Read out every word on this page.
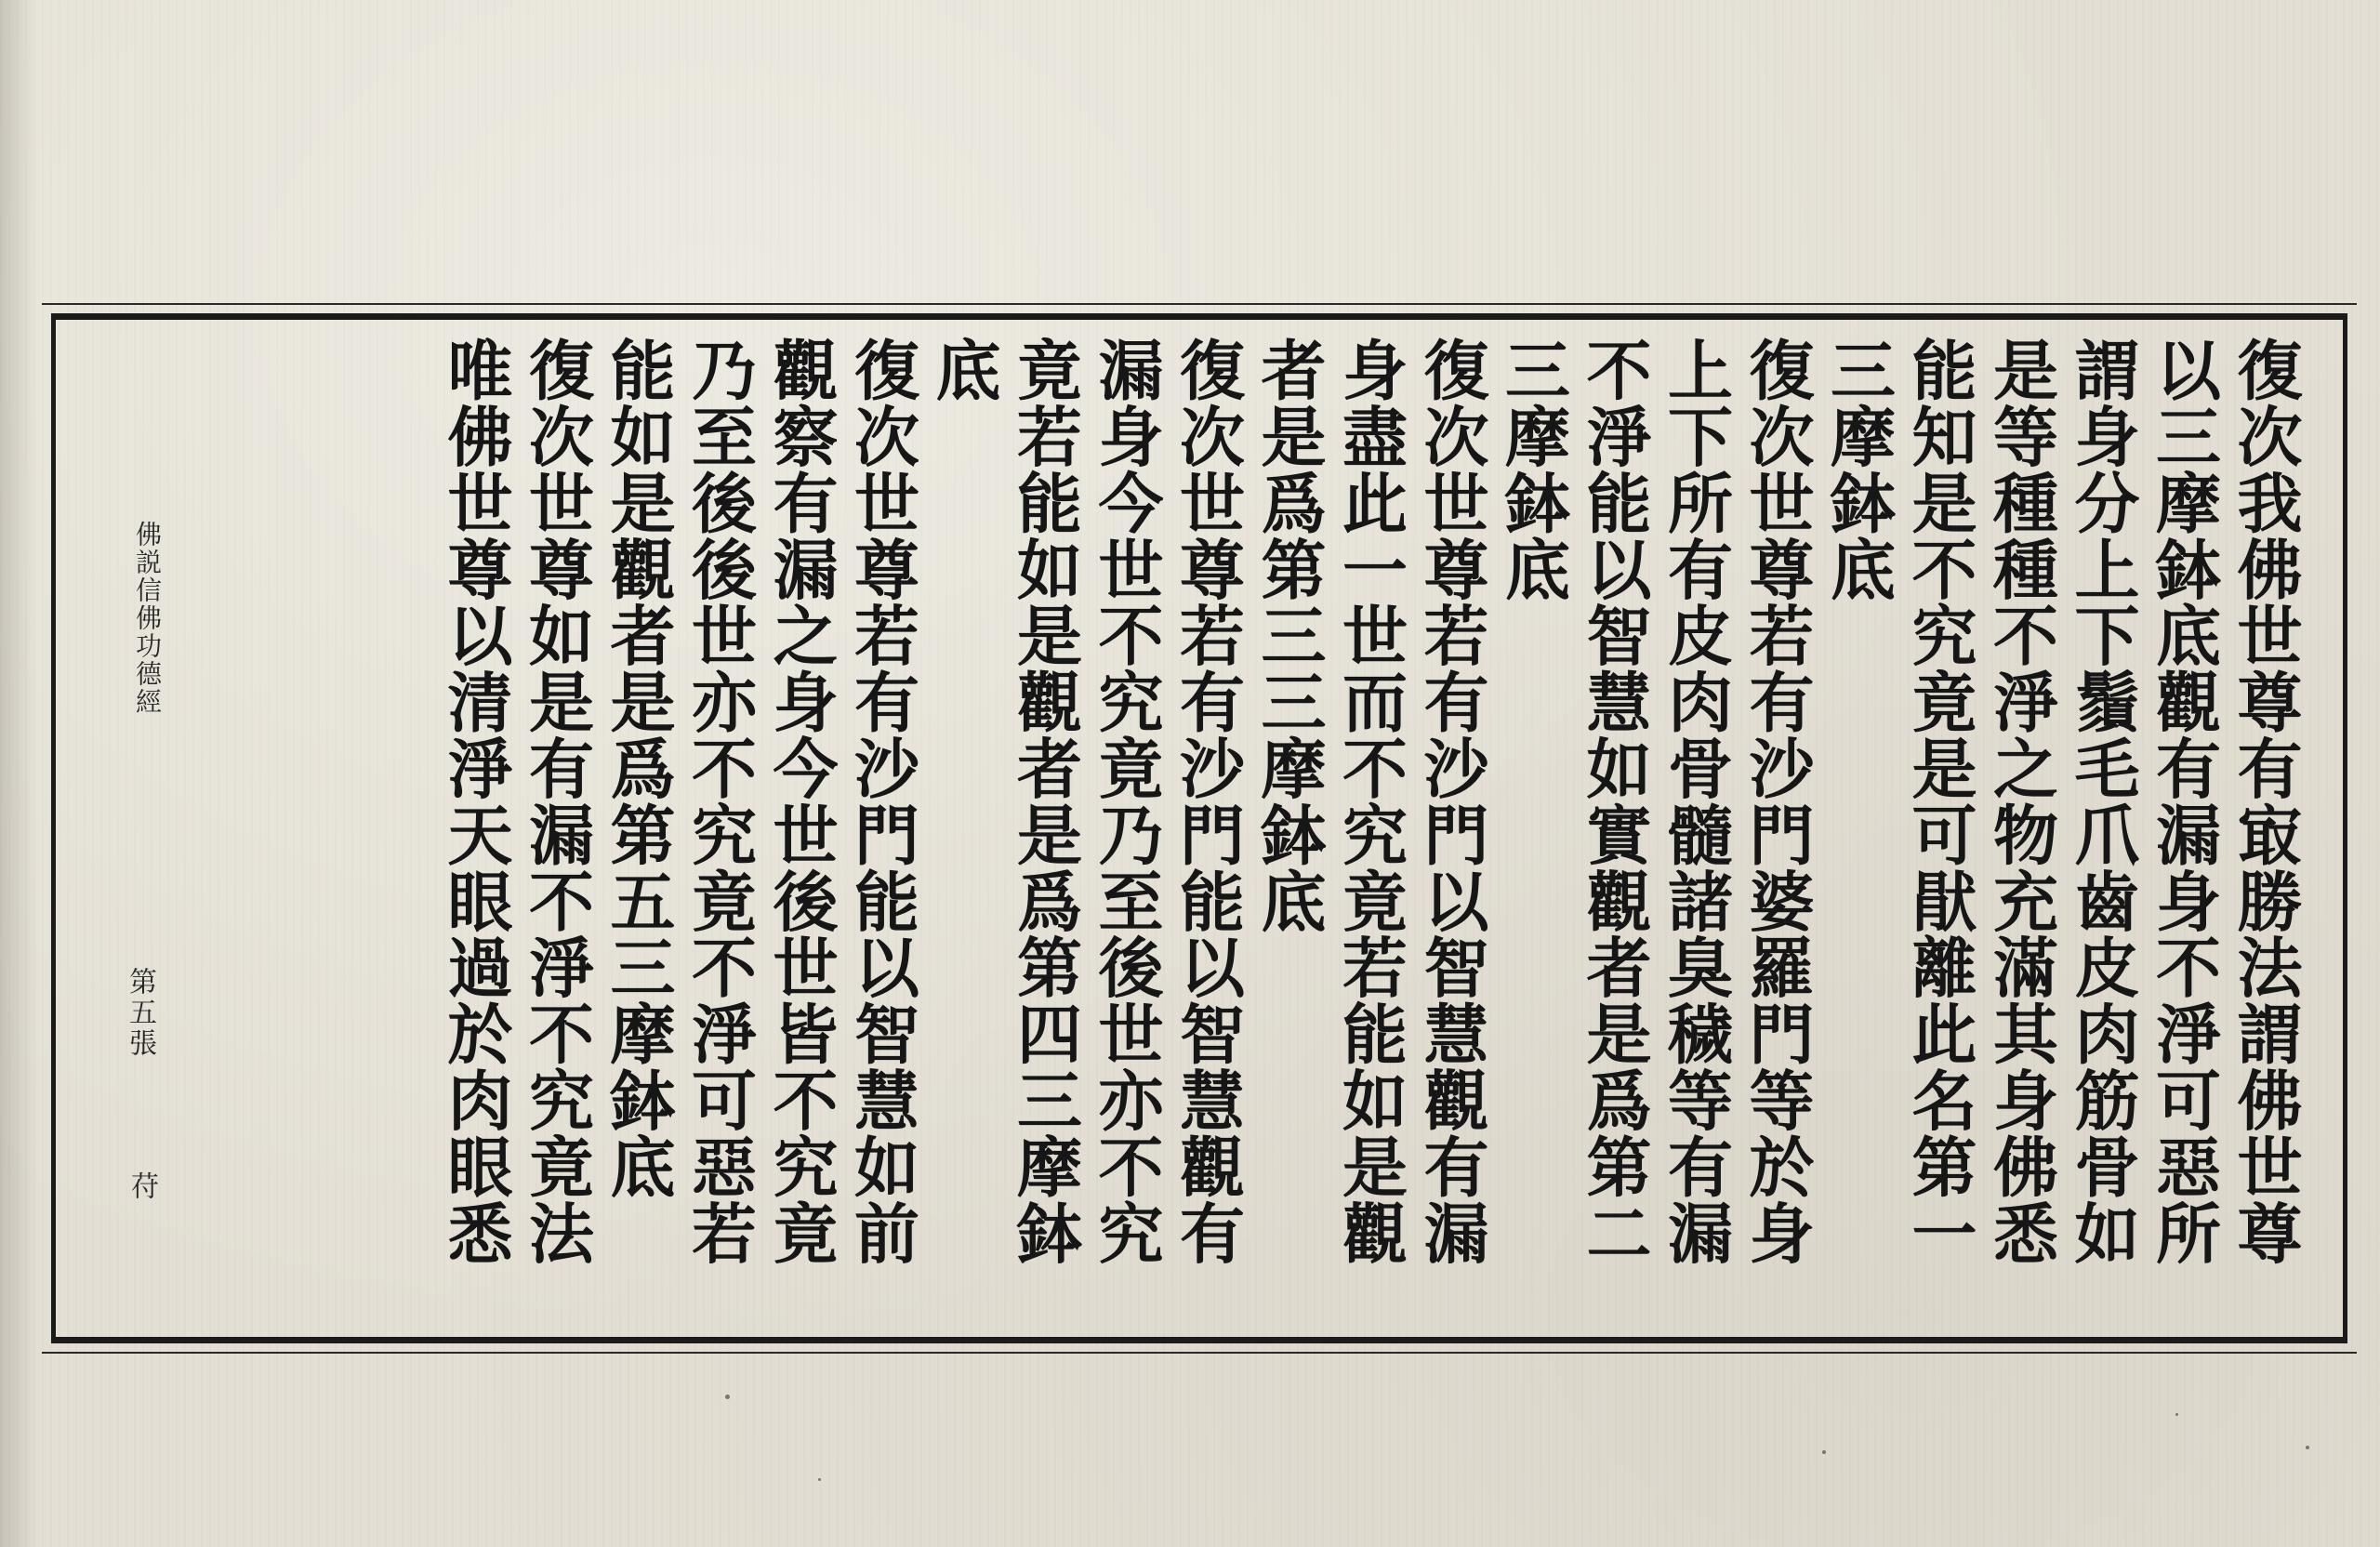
復次我佛世尊有㝡勝法謂佛世尊
以三摩鉢底觀有漏身不淨可惡所
謂身分上下鬚毛爪齒皮肉筋骨如
是等種種不淨之物充滿其身佛悉
能知是不究竟是可猒離此名第一
三摩鉢底
復次世尊若有沙門婆羅門等於身
上下所有皮肉骨髓諸臭穢等有漏
不淨能以智慧如實觀者是爲第二
三摩鉢底
復次世尊若有沙門以智慧觀有漏
身盡此一世而不究竟若能如是觀
者是爲第三三摩鉢底
復次世尊若有沙門能以智慧觀有
漏身今世不究竟乃至後世亦不究
竟若能如是觀者是爲第四三摩鉢
底
復次世尊若有沙門能以智慧如前
觀察有漏之身今世後世皆不究竟
乃至後後世亦不究竟不淨可惡若
能如是觀者是爲第五三摩鉢底
復次世尊如是有漏不淨不究竟法
唯佛世尊以清淨天眼過於肉眼悉
佛説信佛功德經
第五張
苻
